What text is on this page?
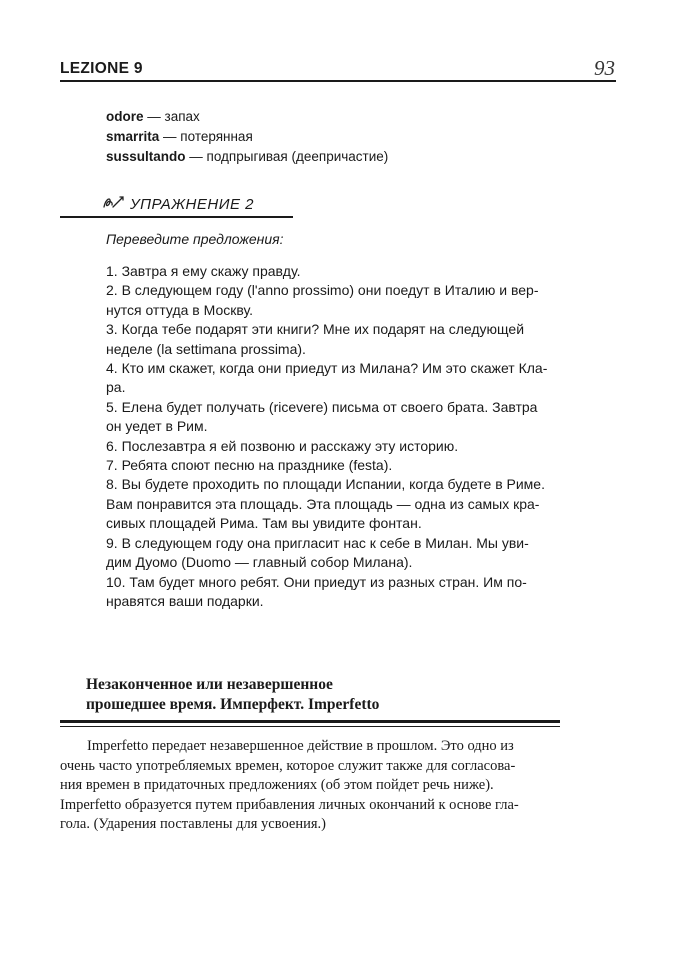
LEZIONE 9	93
odore — запах
smarrita — потерянная
sussultando — подпрыгивая (деепричастие)
УПРАЖНЕНИЕ 2
Переведите предложения:

1. Завтра я ему скажу правду.

2. В следующем году (l'anno prossimo) они поедут в Италию и вер-

нутся оттуда в Москву.

3. Когда тебе подарят эти книги? Мне их подарят на следующей

неделе (la settimana prossima).

4. Кто им скажет, когда они приедут из Милана? Им это скажет Кла-

ра.

5. Елена будет получать (ricevere) письма от своего брата. Завтра

он уедет в Рим.

6. Послезавтра я ей позвоню и расскажу эту историю.

7. Ребята споют песню на празднике (festa).

8. Вы будете проходить по площади Испании, когда будете в Риме.

Вам понравится эта площадь. Эта площадь — одна из самых кра-

сивых площадей Рима. Там вы увидите фонтан.

9. В следующем году она пригласит нас к себе в Милан. Мы уви-

дим Дуомо (Duomo — главный собор Милана).

10. Там будет много ребят. Они приедут из разных стран. Им по-

нравятся ваши подарки.

Незаконченное или незавершенное

прошедшее время. Имперфект. Imperfetto

Imperfetto передает незавершенное действие в прошлом. Это одно из

очень часто употребляемых времен, которое служит также для согласова-

ния времен в придаточных предложениях (об этом пойдет речь ниже).

Imperfetto образуется путем прибавления личных окончаний к основе гла-

гола. (Ударения поставлены для усвоения.)
